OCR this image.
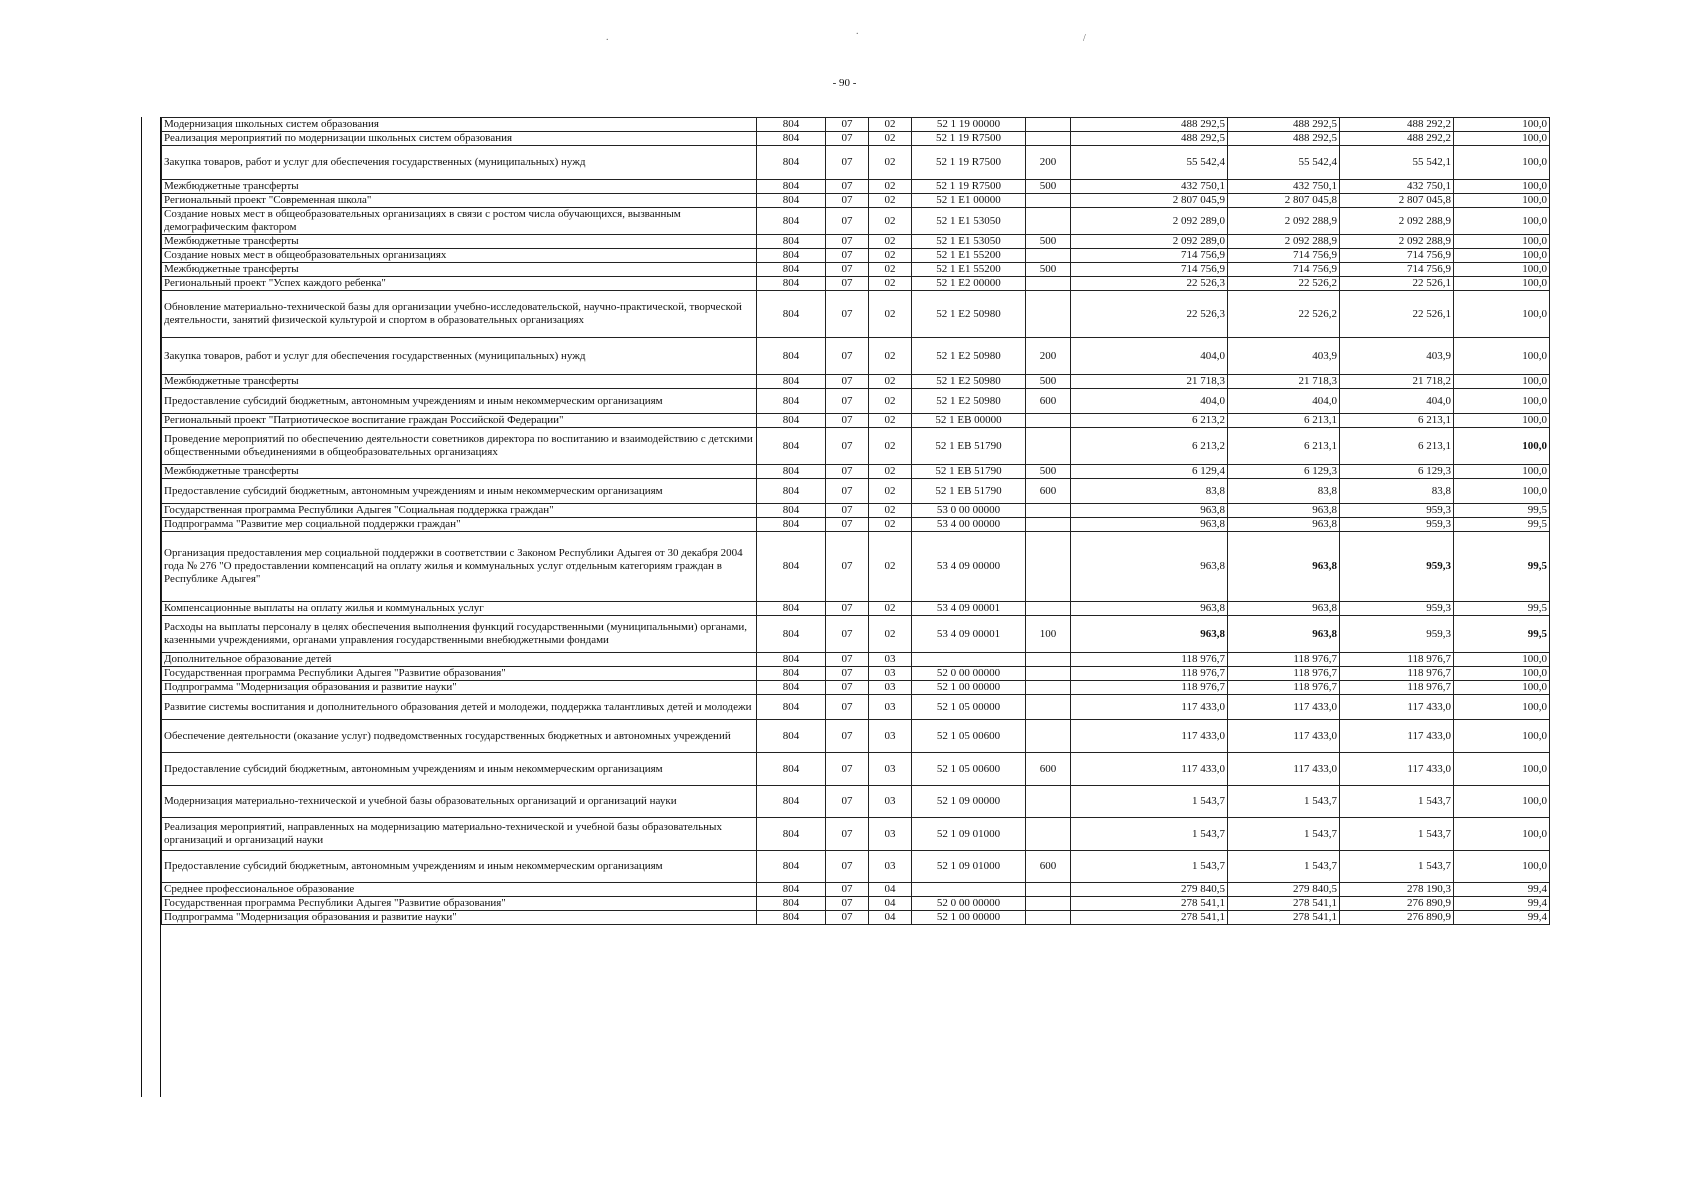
.
.
/
- 90 -
Модернизация школьных систем образования	804	07	02	52 1 19 00000		488 292,5	488 292,5	488 292,2	100,0
Реализация мероприятий по модернизации школьных систем образования	804	07	02	52 1 19 R7500		488 292,5	488 292,5	488 292,2	100,0
Закупка товаров, работ и услуг для обеспечения государственных (муниципальных) нужд	804	07	02	52 1 19 R7500	200	55 542,4	55 542,4	55 542,1	100,0
Межбюджетные трансферты	804	07	02	52 1 19 R7500	500	432 750,1	432 750,1	432 750,1	100,0
Региональный проект "Современная школа"	804	07	02	52 1 E1 00000		2 807 045,9	2 807 045,8	2 807 045,8	100,0
Создание новых мест в общеобразовательных организациях в связи с ростом числа обучающихся, вызванным демографическим фактором	804	07	02	52 1 E1 53050		2 092 289,0	2 092 288,9	2 092 288,9	100,0
Межбюджетные трансферты	804	07	02	52 1 E1 53050	500	2 092 289,0	2 092 288,9	2 092 288,9	100,0
Создание новых мест в общеобразовательных организациях	804	07	02	52 1 E1 55200		714 756,9	714 756,9	714 756,9	100,0
Межбюджетные трансферты	804	07	02	52 1 E1 55200	500	714 756,9	714 756,9	714 756,9	100,0
Региональный проект "Успех каждого ребенка"	804	07	02	52 1 E2 00000		22 526,3	22 526,2	22 526,1	100,0
Обновление материально-технической базы для организации учебно-исследовательской, научно-практической, творческой деятельности, занятий физической культурой и спортом в образовательных организациях	804	07	02	52 1 E2 50980		22 526,3	22 526,2	22 526,1	100,0
Закупка товаров, работ и услуг для обеспечения государственных (муниципальных) нужд	804	07	02	52 1 E2 50980	200	404,0	403,9	403,9	100,0
Межбюджетные трансферты	804	07	02	52 1 E2 50980	500	21 718,3	21 718,3	21 718,2	100,0
Предоставление субсидий бюджетным, автономным учреждениям и иным некоммерческим организациям	804	07	02	52 1 E2 50980	600	404,0	404,0	404,0	100,0
Региональный проект "Патриотическое воспитание граждан Российской Федерации"	804	07	02	52 1 EB 00000		6 213,2	6 213,1	6 213,1	100,0
Проведение мероприятий по обеспечению деятельности советников директора по воспитанию и взаимодействию с детскими общественными объединениями в общеобразовательных организациях	804	07	02	52 1 EB 51790		6 213,2	6 213,1	6 213,1	100,0
Межбюджетные трансферты	804	07	02	52 1 EB 51790	500	6 129,4	6 129,3	6 129,3	100,0
Предоставление субсидий бюджетным, автономным учреждениям и иным некоммерческим организациям	804	07	02	52 1 EB 51790	600	83,8	83,8	83,8	100,0
Государственная программа Республики Адыгея "Социальная поддержка граждан"	804	07	02	53 0 00 00000		963,8	963,8	959,3	99,5
Подпрограмма "Развитие мер социальной поддержки граждан"	804	07	02	53 4 00 00000		963,8	963,8	959,3	99,5
Организация предоставления мер социальной поддержки в соответствии с Законом Республики Адыгея от 30 декабря 2004 года № 276 "О предоставлении компенсаций на оплату жилья и коммунальных услуг отдельным категориям граждан в Республике Адыгея"	804	07	02	53 4 09 00000		963,8	963,8	959,3	99,5
Компенсационные выплаты на оплату жилья и коммунальных услуг	804	07	02	53 4 09 00001		963,8	963,8	959,3	99,5
Расходы на выплаты персоналу в целях обеспечения выполнения функций государственными (муниципальными) органами, казенными учреждениями, органами управления государственными внебюджетными фондами	804	07	02	53 4 09 00001	100	963,8	963,8	959,3	99,5
Дополнительное образование детей	804	07	03			118 976,7	118 976,7	118 976,7	100,0
Государственная программа Республики Адыгея "Развитие образования"	804	07	03	52 0 00 00000		118 976,7	118 976,7	118 976,7	100,0
Подпрограмма "Модернизация образования и развитие науки"	804	07	03	52 1 00 00000		118 976,7	118 976,7	118 976,7	100,0
Развитие системы воспитания и дополнительного образования детей и молодежи, поддержка талантливых детей и молодежи	804	07	03	52 1 05 00000		117 433,0	117 433,0	117 433,0	100,0
Обеспечение деятельности (оказание услуг) подведомственных государственных бюджетных и автономных учреждений	804	07	03	52 1 05 00600		117 433,0	117 433,0	117 433,0	100,0
Предоставление субсидий бюджетным, автономным учреждениям и иным некоммерческим организациям	804	07	03	52 1 05 00600	600	117 433,0	117 433,0	117 433,0	100,0
Модернизация материально-технической и учебной базы образовательных организаций и организаций науки	804	07	03	52 1 09 00000		1 543,7	1 543,7	1 543,7	100,0
Реализация мероприятий, направленных на модернизацию материально-технической и учебной базы образовательных организаций и организаций науки	804	07	03	52 1 09 01000		1 543,7	1 543,7	1 543,7	100,0
Предоставление субсидий бюджетным, автономным учреждениям и иным некоммерческим организациям	804	07	03	52 1 09 01000	600	1 543,7	1 543,7	1 543,7	100,0
Среднее профессиональное образование	804	07	04			279 840,5	279 840,5	278 190,3	99,4
Государственная программа Республики Адыгея "Развитие образования"	804	07	04	52 0 00 00000		278 541,1	278 541,1	276 890,9	99,4
Подпрограмма "Модернизация образования и развитие науки"	804	07	04	52 1 00 00000		278 541,1	278 541,1	276 890,9	99,4
